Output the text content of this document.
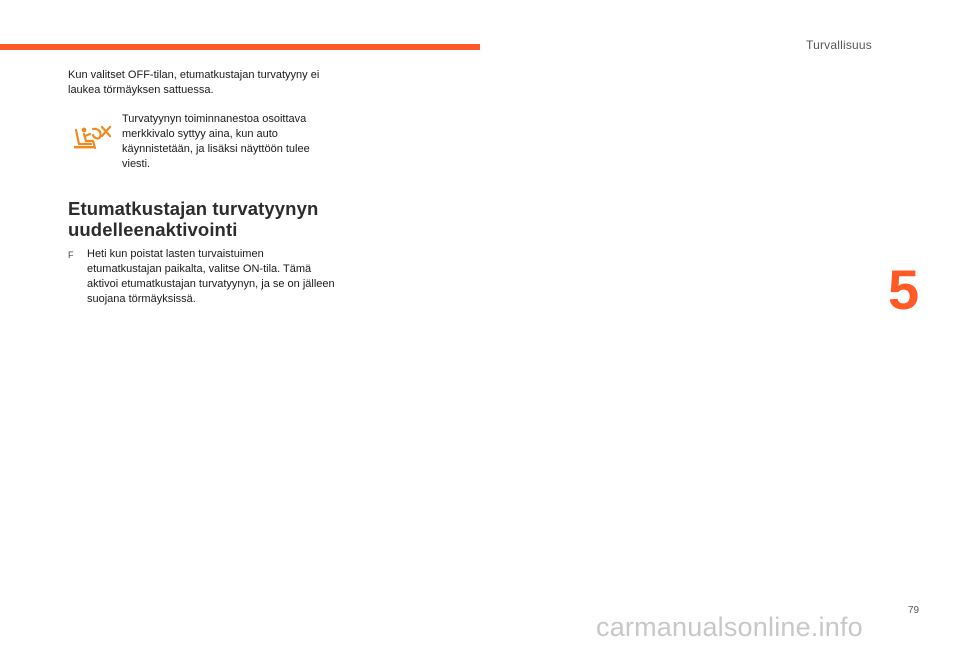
Turvallisuus
5

Kun valitset OFF-tilan, etumatkustajan turvatyyny ei laukea törmäyksen sattuessa.

Turvatyynyn toiminnanestoa osoittava merkkivalo syttyy aina, kun auto käynnistetään, ja lisäksi näyttöön tulee viesti.

Etumatkustajan turvatyynyn
uudelleenaktivointi
F Heti kun poistat lasten turvaistuimen etumatkustajan paikalta, valitse ON-tila. Tämä aktivoi etumatkustajan turvatyynyn, ja se on jälleen suojana törmäyksissä.
79
carmanualsonline.info
